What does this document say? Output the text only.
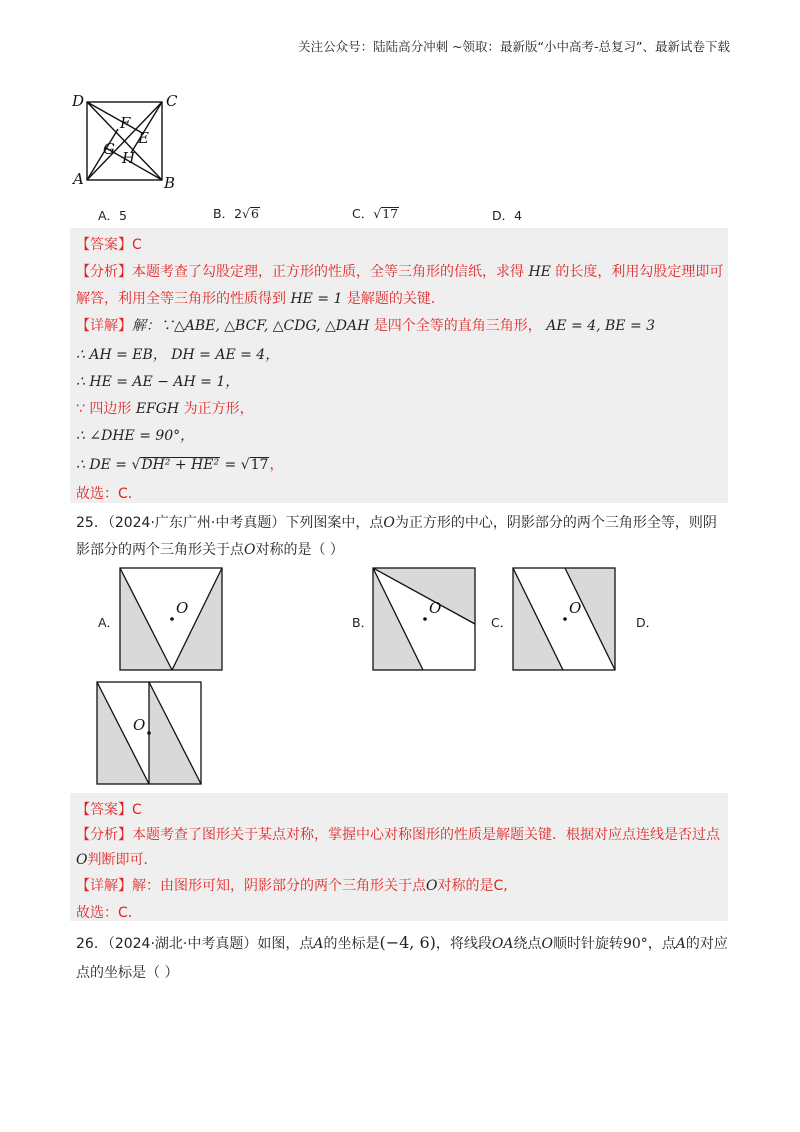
关注公众号：陆陆高分冲刺 ~领取：最新版“小中高考-总复习”、最新试卷下载
D	C
F
E
G H
A	B
A．5	B．2√6	C．√17	D．4
【答案】C
【分析】本题考查了勾股定理，正方形的性质，全等三角形的信纸，求得 HE 的长度，利用勾股定理即可
解答，利用全等三角形的性质得到 HE = 1 是解题的关键．
【详解】解：∵△ABE, △BCF, △CDG, △DAH 是四个全等的直角三角形， AE = 4, BE = 3
∴ AH = EB， DH = AE = 4，
∴ HE = AE − AH = 1，
∵ 四边形 EFGH 为正方形，
∴ ∠DHE = 90°，
∴ DE = √DH² + HE² = √17，
故选：C．
25．（2024·广东广州·中考真题）下列图案中，点O为正方形的中心，阴影部分的两个三角形全等，则阴
影部分的两个三角形关于点O对称的是（ ）
A．
O
B．
O
C．
O
D．
O
【答案】C
【分析】本题考查了图形关于某点对称，掌握中心对称图形的性质是解题关键．根据对应点连线是否过点
O判断即可．
【详解】解：由图形可知，阴影部分的两个三角形关于点O对称的是C,
故选：C．
26．（2024·湖北·中考真题）如图，点A的坐标是(−4, 6)，将线段OA绕点O顺时针旋转90°，点A的对应
点的坐标是（ ）
